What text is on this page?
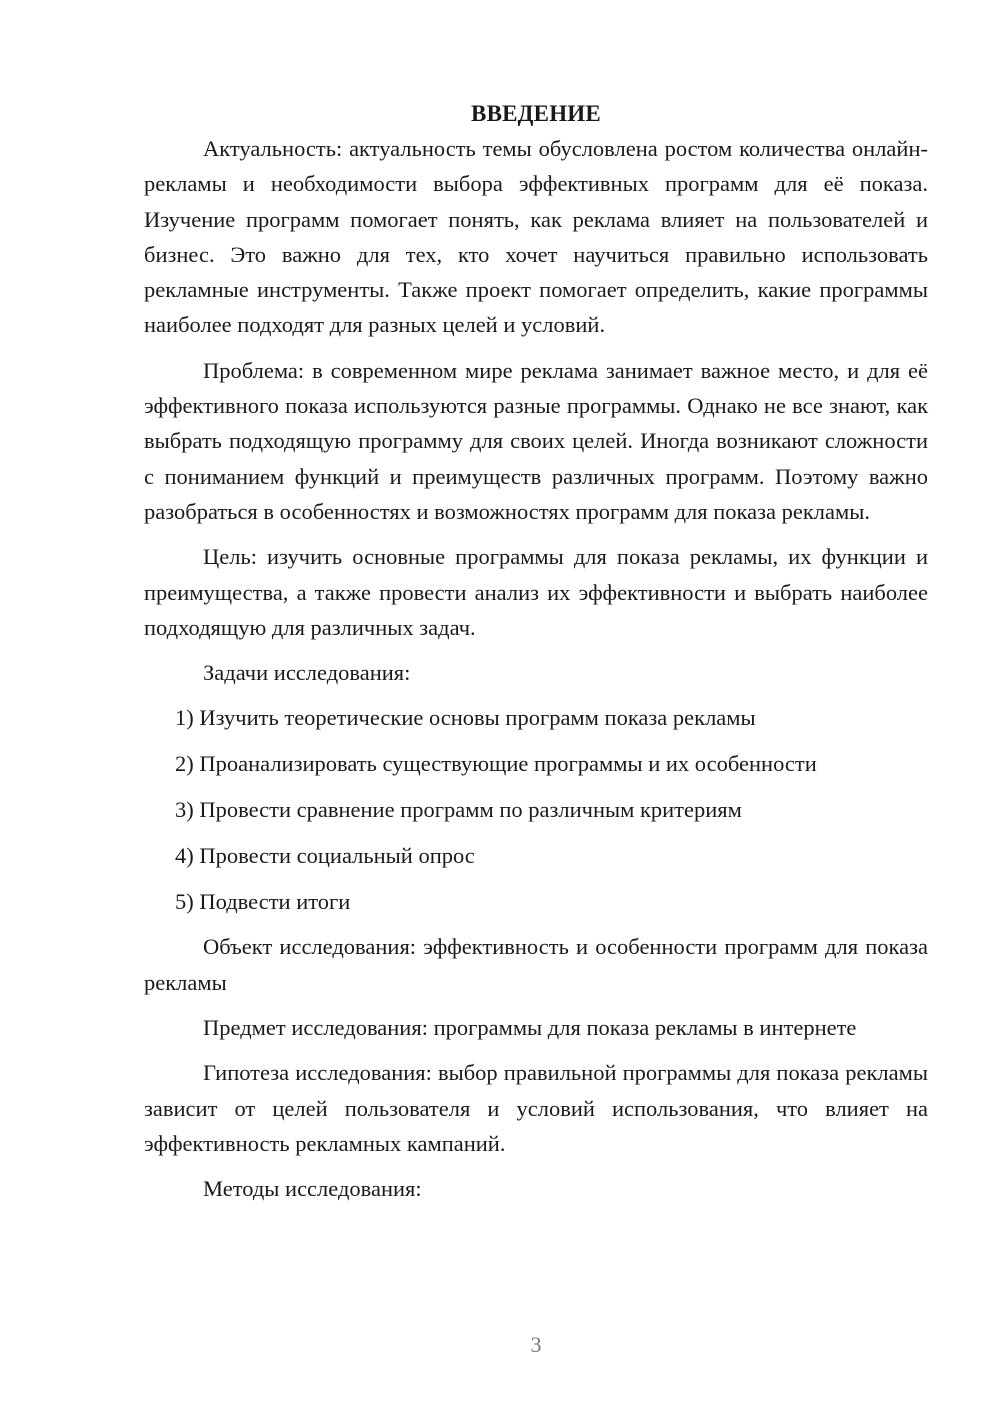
ВВЕДЕНИЕ

Актуальность: актуальность темы обусловлена ростом количества онлайн-рекламы и необходимости выбора эффективных программ для её показа. Изучение программ помогает понять, как реклама влияет на пользователей и бизнес. Это важно для тех, кто хочет научиться правильно использовать рекламные инструменты. Также проект помогает определить, какие программы наиболее подходят для разных целей и условий.

Проблема: в современном мире реклама занимает важное место, и для её эффективного показа используются разные программы. Однако не все знают, как выбрать подходящую программу для своих целей. Иногда возникают сложности с пониманием функций и преимуществ различных программ. Поэтому важно разобраться в особенностях и возможностях программ для показа рекламы.

Цель: изучить основные программы для показа рекламы, их функции и преимущества, а также провести анализ их эффективности и выбрать наиболее подходящую для различных задач.

Задачи исследования:

1) Изучить теоретические основы программ показа рекламы
2) Проанализировать существующие программы и их особенности
3) Провести сравнение программ по различным критериям
4) Провести социальный опрос
5) Подвести итоги

Объект исследования: эффективность и особенности программ для показа рекламы

Предмет исследования: программы для показа рекламы в интернете

Гипотеза исследования: выбор правильной программы для показа рекламы зависит от целей пользователя и условий использования, что влияет на эффективность рекламных кампаний.

Методы исследования:

3
